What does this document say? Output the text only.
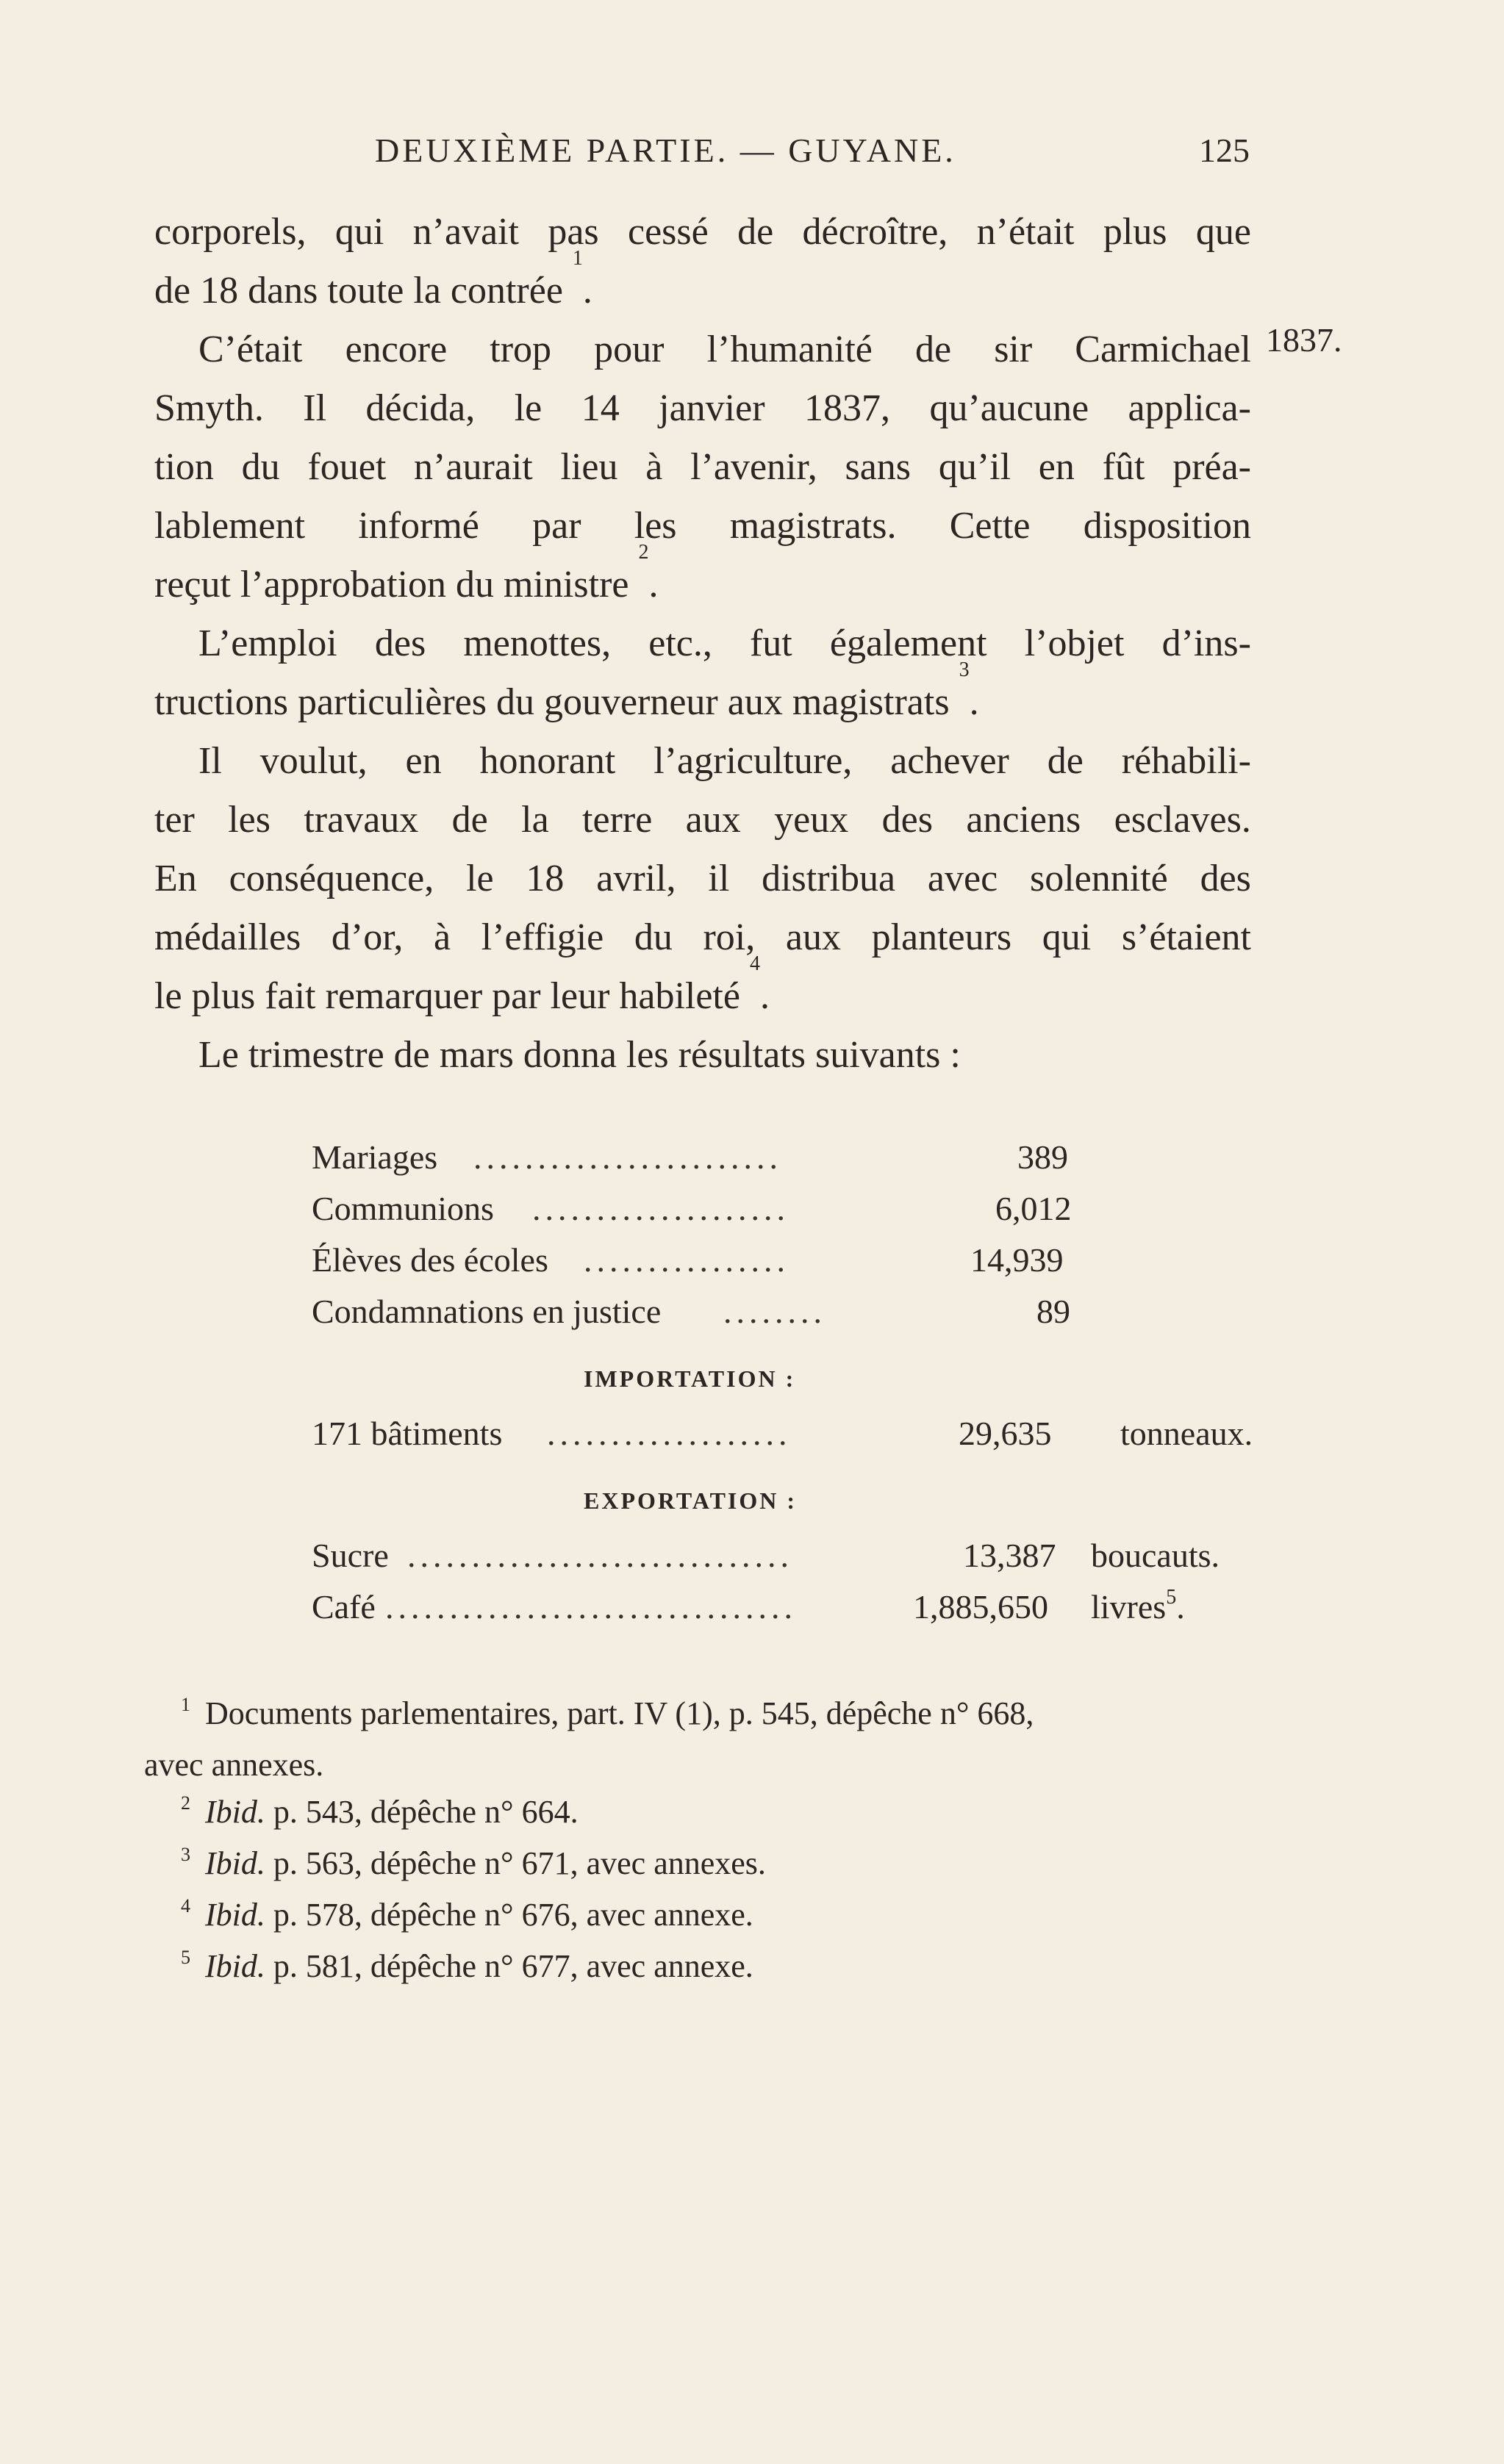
DEUXIÈME PARTIE. — GUYANE.	125
1837.
corporels, qui n’avait pas cessé de décroître, n’était plus que
de 18 dans toute la contrée

$^1$
.
C’était encore trop pour l’humanité de sir Carmichael
Smyth. Il décida, le 14 janvier 1837, qu’aucune applica-
tion du fouet n’aurait lieu à l’avenir, sans qu’il en fût préa-
lablement informé par les magistrats. Cette disposition
reçut l’approbation du ministre

$^2$
.
L’emploi des menottes, etc., fut également l’objet d’ins-
tructions particulières du gouverneur aux magistrats

$^3$
.
Il voulut, en honorant l’agriculture, achever de réhabili-
ter les travaux de la terre aux yeux des anciens esclaves.
En conséquence, le 18 avril, il distribua avec solennité des
médailles d’or, à l’effigie du roi, aux planteurs qui s’étaient
le plus fait remarquer par leur habileté

$^4$
.
Le trimestre de mars donna les résultats suivants :
Mariages ........................	389
Communions ....................	6,012
Élèves des écoles ................	14,939
Condamnations en justice ........	89
IMPORTATION :
171 bâtiments ...................	29,635 tonneaux.
EXPORTATION :
Sucre ..............................	13,387 boucauts.
Café ................................	1,885,650 livres$^5$.
$^1$ Documents parlementaires, part. IV (1), p. 545, dépêche n° 668,
avec annexes.
$^2$ Ibid. p. 543, dépêche n° 664.
$^3$ Ibid. p. 563, dépêche n° 671, avec annexes.
$^4$ Ibid. p. 578, dépêche n° 676, avec annexe.
$^5$ Ibid. p. 581, dépêche n° 677, avec annexe.
